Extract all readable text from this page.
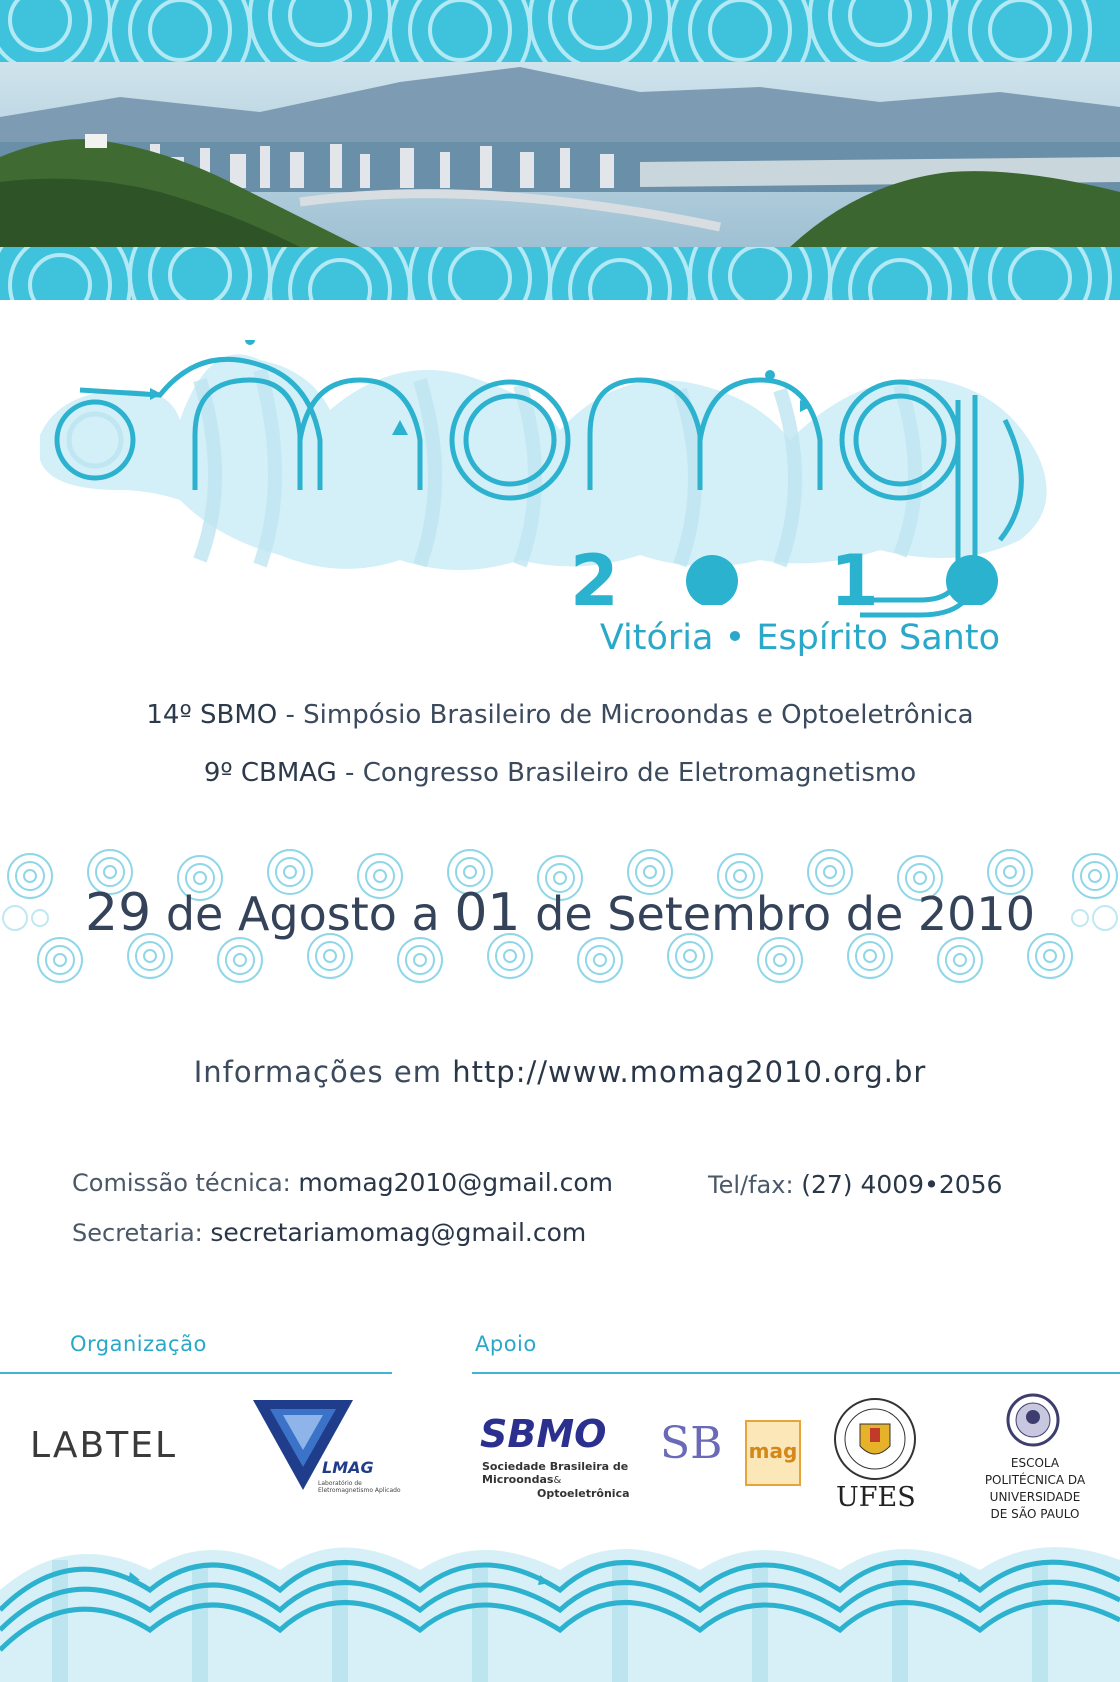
2	1
Vitória • Espírito Santo
14º SBMO - Simpósio Brasileiro de Microondas e Optoeletrônica
9º CBMAG - Congresso Brasileiro de Eletromagnetismo
29 de Agosto a 01 de Setembro de 2010
Informações em http://www.momag2010.org.br
Comissão técnica: momag2010@gmail.com
Secretaria: secretariamomag@gmail.com
Tel/fax: (27) 4009•2056
Organização	Apoio
LABTEL
LMAG
Laboratório de Eletromagnetismo Aplicado
SBMO
Sociedade Brasileira de
Microondas&
Optoeletrônica
SB mag
UFES
ESCOLA
POLITÉCNICA DA
UNIVERSIDADE
DE SÃO PAULO
